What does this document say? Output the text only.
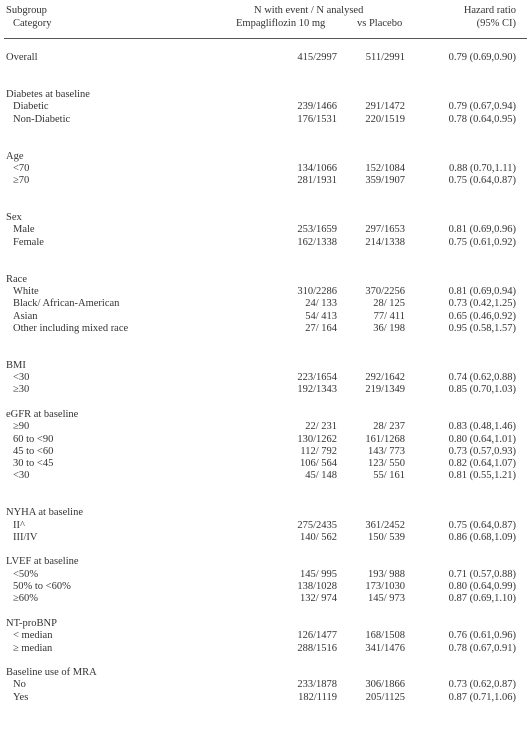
Subgroup
Category
N with event / N analysed
Empagliflozin 10 mg	vs Placebo
Hazard ratio
(95% CI)
Overall	415/2997	511/2991	0.79 (0.69,0.90)
Diabetes at baseline
Diabetic	239/1466	291/1472	0.79 (0.67,0.94)
Non-Diabetic	176/1531	220/1519	0.78 (0.64,0.95)
Age
<70	134/1066	152/1084	0.88 (0.70,1.11)
≥70	281/1931	359/1907	0.75 (0.64,0.87)
Sex
Male	253/1659	297/1653	0.81 (0.69,0.96)
Female	162/1338	214/1338	0.75 (0.61,0.92)
Race
White	310/2286	370/2256	0.81 (0.69,0.94)
Black/ African-American	24/ 133	28/ 125	0.73 (0.42,1.25)
Asian	54/ 413	77/ 411	0.65 (0.46,0.92)
Other including mixed race	27/ 164	36/ 198	0.95 (0.58,1.57)
BMI
<30	223/1654	292/1642	0.74 (0.62,0.88)
≥30	192/1343	219/1349	0.85 (0.70,1.03)
eGFR at baseline
≥90	22/ 231	28/ 237	0.83 (0.48,1.46)
60 to <90	130/1262	161/1268	0.80 (0.64,1.01)
45 to <60	112/ 792	143/ 773	0.73 (0.57,0.93)
30 to <45	106/ 564	123/ 550	0.82 (0.64,1.07)
<30	45/ 148	55/ 161	0.81 (0.55,1.21)
NYHA at baseline
II^	275/2435	361/2452	0.75 (0.64,0.87)
III/IV	140/ 562	150/ 539	0.86 (0.68,1.09)
LVEF at baseline
<50%	145/ 995	193/ 988	0.71 (0.57,0.88)
50% to <60%	138/1028	173/1030	0.80 (0.64,0.99)
≥60%	132/ 974	145/ 973	0.87 (0.69,1.10)
NT-proBNP
< median	126/1477	168/1508	0.76 (0.61,0.96)
≥ median	288/1516	341/1476	0.78 (0.67,0.91)
Baseline use of MRA
No	233/1878	306/1866	0.73 (0.62,0.87)
Yes	182/1119	205/1125	0.87 (0.71,1.06)
